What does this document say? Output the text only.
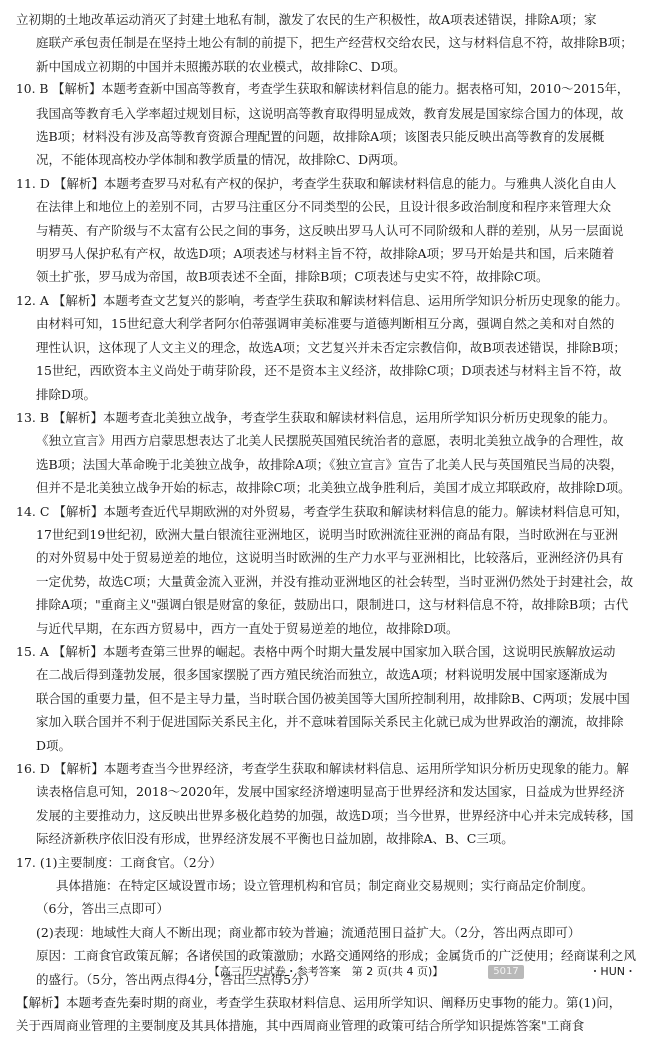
立初期的土地改革运动消灭了封建土地私有制，激发了农民的生产积极性，故A项表述错误，排除A项；家

庭联产承包责任制是在坚持土地公有制的前提下，把生产经营权交给农民，这与材料信息不符，故排除B项；

新中国成立初期的中国并未照搬苏联的农业模式，故排除C、D项。

10. B 【解析】本题考查新中国高等教育，考查学生获取和解读材料信息的能力。据表格可知，2010～2015年，

我国高等教育毛入学率超过规划目标，这说明高等教育取得明显成效，教育发展是国家综合国力的体现，故

选B项；材料没有涉及高等教育资源合理配置的问题，故排除A项；该图表只能反映出高等教育的发展概

况，不能体现高校办学体制和教学质量的情况，故排除C、D两项。

11. D 【解析】本题考查罗马对私有产权的保护，考查学生获取和解读材料信息的能力。与雅典人淡化自由人

在法律上和地位上的差别不同，古罗马注重区分不同类型的公民，且设计很多政治制度和程序来管理大众

与精英、有产阶级与不太富有公民之间的事务，这反映出罗马人认可不同阶级和人群的差别，从另一层面说

明罗马人保护私有产权，故选D项；A项表述与材料主旨不符，故排除A项；罗马开始是共和国，后来随着

领土扩张，罗马成为帝国，故B项表述不全面，排除B项；C项表述与史实不符，故排除C项。

12. A 【解析】本题考查文艺复兴的影响，考查学生获取和解读材料信息、运用所学知识分析历史现象的能力。

由材料可知，15世纪意大利学者阿尔伯蒂强调审美标准要与道德判断相互分离，强调自然之美和对自然的

理性认识，这体现了人文主义的理念，故选A项；文艺复兴并未否定宗教信仰，故B项表述错误，排除B项；

15世纪，西欧资本主义尚处于萌芽阶段，还不是资本主义经济，故排除C项；D项表述与材料主旨不符，故

排除D项。

13. B 【解析】本题考查北美独立战争，考查学生获取和解读材料信息，运用所学知识分析历史现象的能力。

《独立宣言》用西方启蒙思想表达了北美人民摆脱英国殖民统治者的意愿，表明北美独立战争的合理性，故

选B项；法国大革命晚于北美独立战争，故排除A项；《独立宣言》宣告了北美人民与英国殖民当局的决裂，

但并不是北美独立战争开始的标志，故排除C项；北美独立战争胜利后，美国才成立邦联政府，故排除D项。

14. C 【解析】本题考查近代早期欧洲的对外贸易，考查学生获取和解读材料信息的能力。解读材料信息可知，

17世纪到19世纪初，欧洲大量白银流往亚洲地区，说明当时欧洲流往亚洲的商品有限，当时欧洲在与亚洲

的对外贸易中处于贸易逆差的地位，这说明当时欧洲的生产力水平与亚洲相比，比较落后，亚洲经济仍具有

一定优势，故选C项；大量黄金流入亚洲，并没有推动亚洲地区的社会转型，当时亚洲仍然处于封建社会，故

排除A项；"重商主义"强调白银是财富的象征，鼓励出口，限制进口，这与材料信息不符，故排除B项；古代

与近代早期，在东西方贸易中，西方一直处于贸易逆差的地位，故排除D项。

15. A 【解析】本题考查第三世界的崛起。表格中两个时期大量发展中国家加入联合国，这说明民族解放运动

在二战后得到蓬勃发展，很多国家摆脱了西方殖民统治而独立，故选A项；材料说明发展中国家逐渐成为

联合国的重要力量，但不是主导力量，当时联合国仍被美国等大国所控制利用，故排除B、C两项；发展中国

家加入联合国并不利于促进国际关系民主化，并不意味着国际关系民主化就已成为世界政治的潮流，故排除

D项。

16. D 【解析】本题考查当今世界经济，考查学生获取和解读材料信息、运用所学知识分析历史现象的能力。解

读表格信息可知，2018～2020年，发展中国家经济增速明显高于世界经济和发达国家，日益成为世界经济

发展的主要推动力，这反映出世界多极化趋势的加强，故选D项；当今世界，世界经济中心并未完成转移，国

际经济新秩序依旧没有形成，世界经济发展不平衡也日益加剧，故排除A、B、C三项。

17. (1)主要制度：工商食官。（2分）

具体措施：在特定区域设置市场；设立管理机构和官员；制定商业交易规则；实行商品定价制度。

（6分，答出三点即可）

(2)表现：地域性大商人不断出现；商业都市较为普遍；流通范围日益扩大。（2分，答出两点即可）

原因：工商食官政策瓦解；各诸侯国的政策激励；水路交通网络的形成；金属货币的广泛使用；经商谋利之风

的盛行。（5分，答出两点得4分，答出三点得5分）

【解析】本题考查先秦时期的商业，考查学生获取材料信息、运用所学知识、阐释历史事物的能力。第(1)问，

关于西周商业管理的主要制度及其具体措施，其中西周商业管理的政策可结合所学知识提炼答案"工商食

【高三历史试卷・参考答案　第 2 页(共 4 页)】	5017	・HUN・
